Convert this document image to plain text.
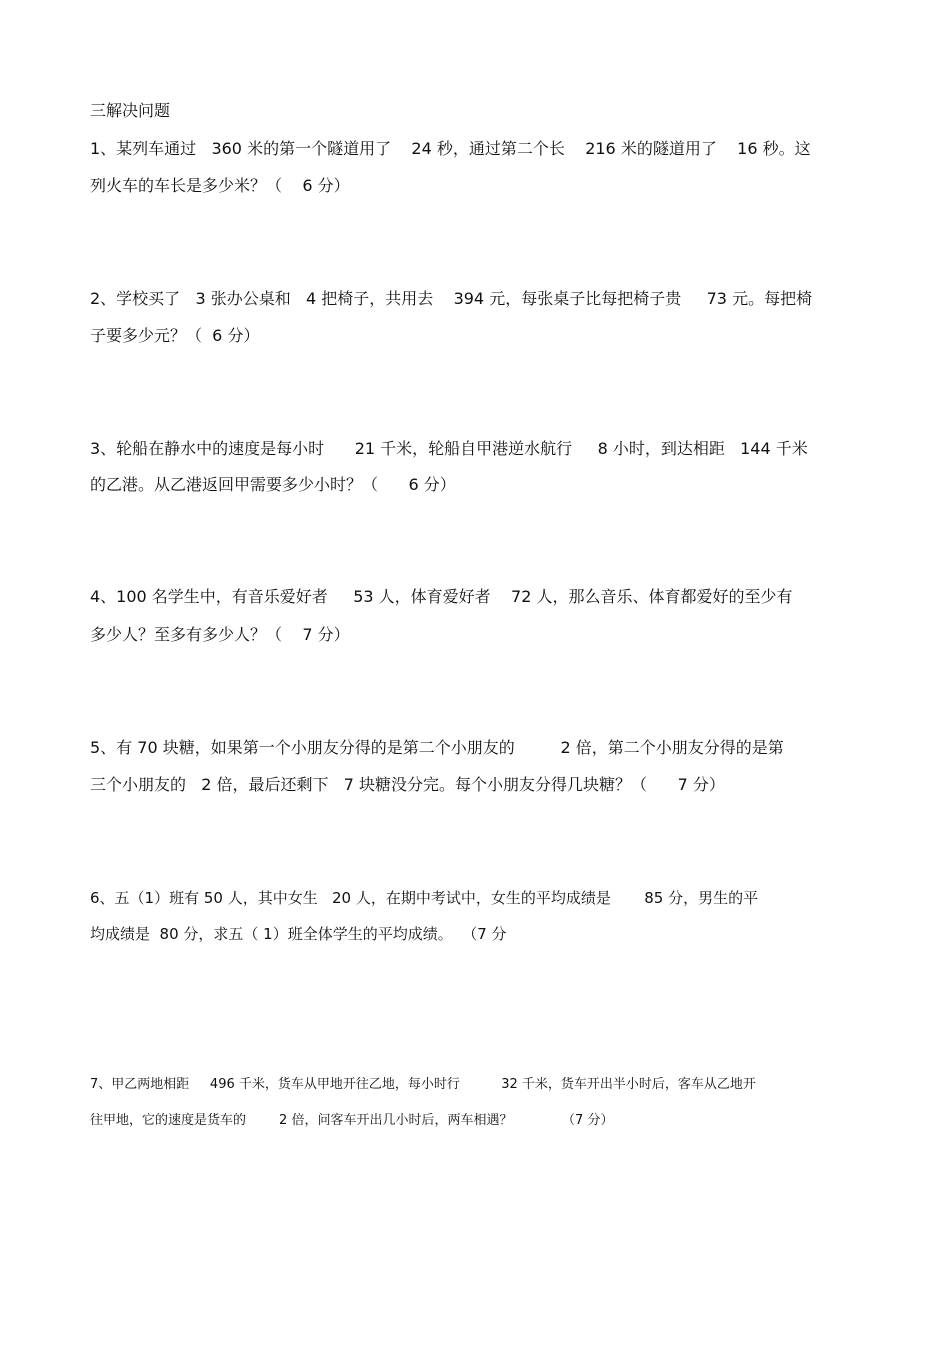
三解决问题
1、某列车通过   360 米的第一个隧道用了    24 秒，通过第二个长    216 米的隧道用了    16 秒。这
列火车的车长是多少米？（    6 分）
2、学校买了   3 张办公桌和   4 把椅子，共用去    394 元，每张桌子比每把椅子贵     73 元。每把椅
子要多少元？（  6 分）
3、轮船在静水中的速度是每小时      21 千米，轮船自甲港逆水航行     8 小时，到达相距   144 千米
的乙港。从乙港返回甲需要多少小时？（      6 分）
4、100 名学生中，有音乐爱好者     53 人，体育爱好者    72 人，那么音乐、体育都爱好的至少有
多少人？至多有多少人？（    7 分）
5、有 70 块糖，如果第一个小朋友分得的是第二个小朋友的         2 倍，第二个小朋友分得的是第
三个小朋友的   2 倍，最后还剩下   7 块糖没分完。每个小朋友分得几块糖？（      7 分）
6、五（1）班有 50 人，其中女生   20 人，在期中考试中，女生的平均成绩是       85 分，男生的平
均成绩是  80 分，求五（ 1）班全体学生的平均成绩。  （7 分
7、甲乙两地相距     496 千米，货车从甲地开往乙地，每小时行          32 千米，货车开出半小时后，客车从乙地开
往甲地，它的速度是货车的        2 倍，问客车开出几小时后，两车相遇？            （7 分）
